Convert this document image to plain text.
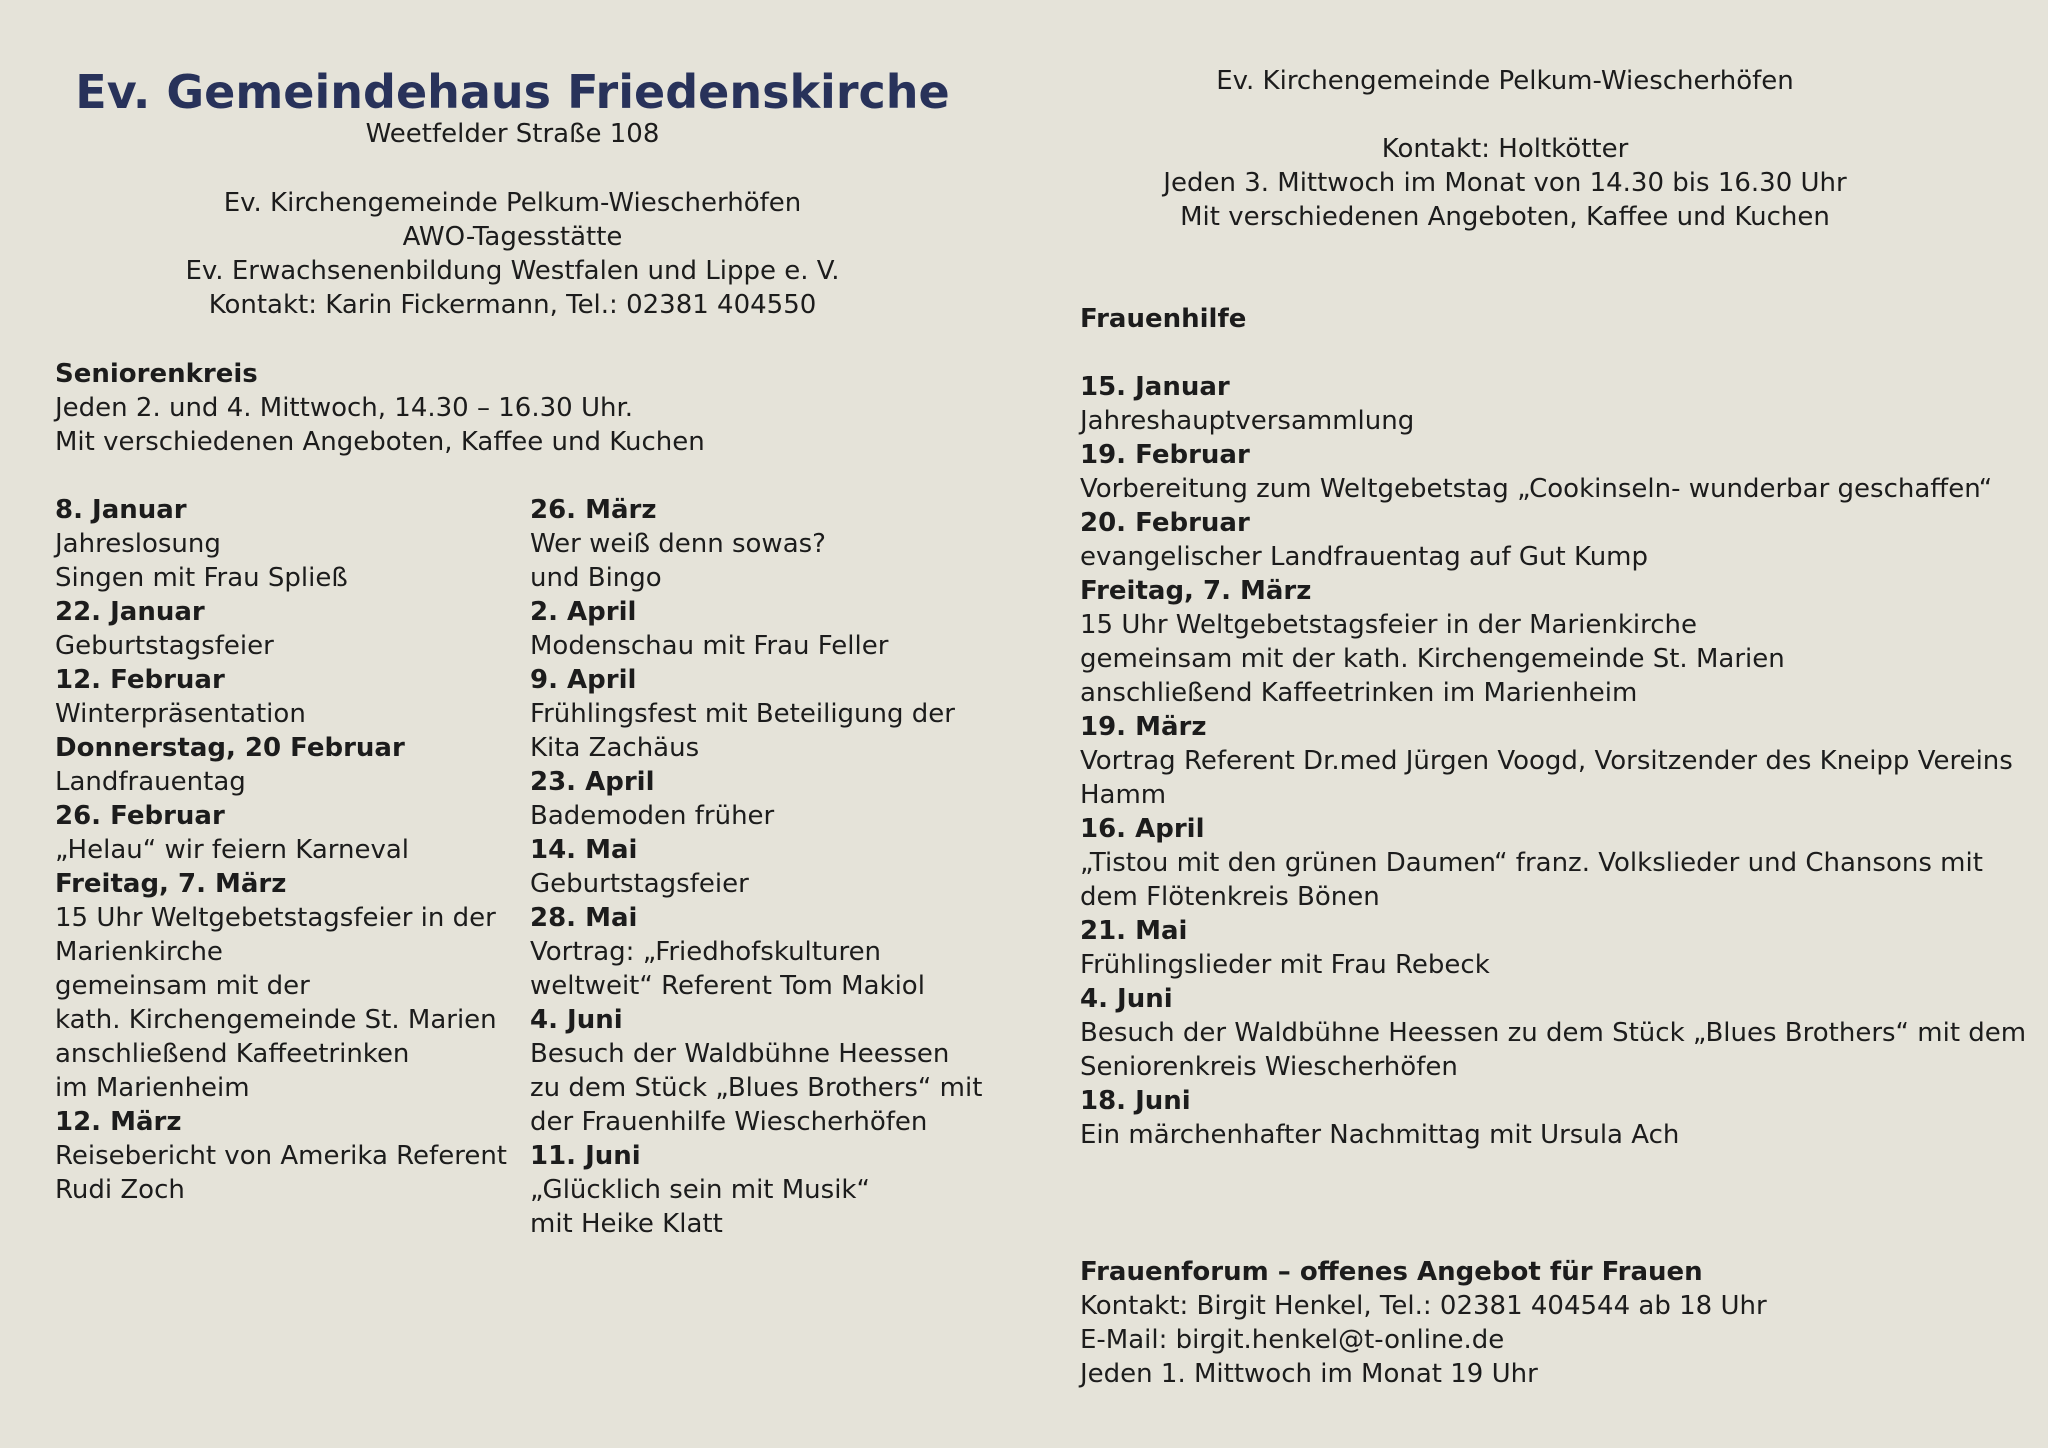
Ev. Gemeindehaus Friedenskirche
Weetfelder Straße 108
Ev. Kirchengemeinde Pelkum-Wiescherhöfen
AWO-Tagesstätte
Ev. Erwachsenenbildung Westfalen und Lippe e. V.
Kontakt: Karin Fickermann, Tel.: 02381 404550
Seniorenkreis
Jeden 2. und 4. Mittwoch, 14.30 – 16.30 Uhr.
Mit verschiedenen Angeboten, Kaffee und Kuchen
8. Januar
Jahreslosung
Singen mit Frau Spließ
22. Januar
Geburtstagsfeier
12. Februar
Winterpräsentation
Donnerstag, 20 Februar
Landfrauentag
26. Februar
„Helau“ wir feiern Karneval
Freitag, 7. März
15 Uhr Weltgebetstagsfeier in der
Marienkirche
gemeinsam mit der
kath. Kirchengemeinde St. Marien
anschließend Kaffeetrinken
im Marienheim
12. März
Reisebericht von Amerika Referent
Rudi Zoch
26. März
Wer weiß denn sowas?
und Bingo
2. April
Modenschau mit Frau Feller
9. April
Frühlingsfest mit Beteiligung der
Kita Zachäus
23. April
Bademoden früher
14. Mai
Geburtstagsfeier
28. Mai
Vortrag: „Friedhofskulturen
weltweit“ Referent Tom Makiol
4. Juni
Besuch der Waldbühne Heessen
zu dem Stück „Blues Brothers“ mit
der Frauenhilfe Wiescherhöfen
11. Juni
„Glücklich sein mit Musik“
mit Heike Klatt
Ev. Kirchengemeinde Pelkum-Wiescherhöfen
Kontakt: Holtkötter
Jeden 3. Mittwoch im Monat von 14.30 bis 16.30 Uhr
Mit verschiedenen Angeboten, Kaffee und Kuchen
Frauenhilfe
15. Januar
Jahreshauptversammlung
19. Februar
Vorbereitung zum Weltgebetstag „Cookinseln- wunderbar geschaffen“
20. Februar
evangelischer Landfrauentag auf Gut Kump
Freitag, 7. März
15 Uhr Weltgebetstagsfeier in der Marienkirche
gemeinsam mit der kath. Kirchengemeinde St. Marien
anschließend Kaffeetrinken im Marienheim
19. März
Vortrag Referent Dr.med Jürgen Voogd, Vorsitzender des Kneipp Vereins
Hamm
16. April
„Tistou mit den grünen Daumen“ franz. Volkslieder und Chansons mit
dem Flötenkreis Bönen
21. Mai
Frühlingslieder mit Frau Rebeck
4. Juni
Besuch der Waldbühne Heessen zu dem Stück „Blues Brothers“ mit dem
Seniorenkreis Wiescherhöfen
18. Juni
Ein märchenhafter Nachmittag mit Ursula Ach
Frauenforum – offenes Angebot für Frauen
Kontakt: Birgit Henkel, Tel.: 02381 404544 ab 18 Uhr
E-Mail: birgit.henkel@t-online.de
Jeden 1. Mittwoch im Monat 19 Uhr
